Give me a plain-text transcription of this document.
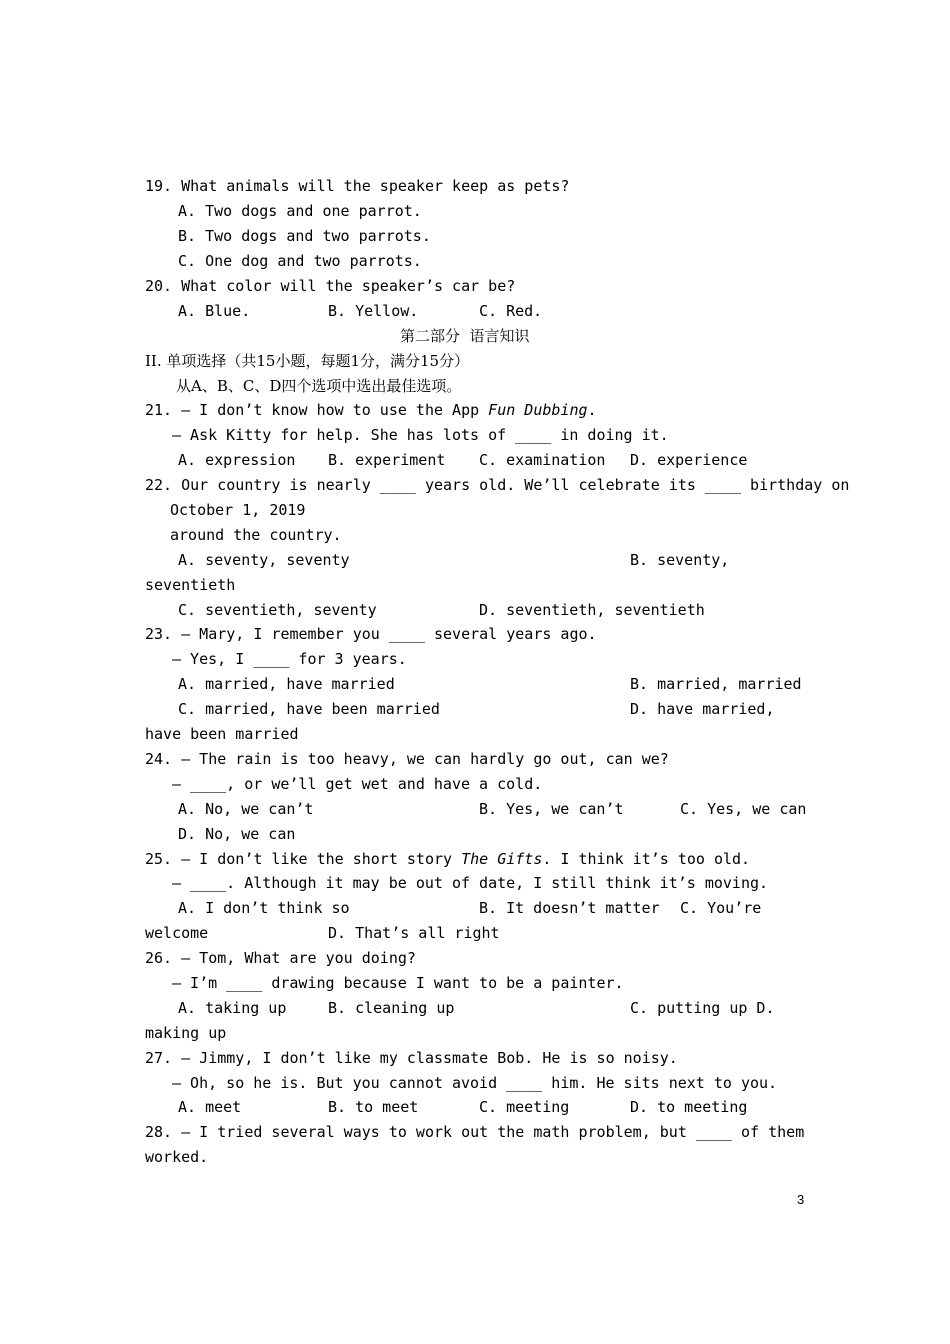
19. What animals will the speaker keep as pets?

A. Two dogs and one parrot.

B. Two dogs and two parrots.

C. One dog and two parrots.

20. What color will the speaker’s car be?

A. Blue.	B. Yellow.	C. Red.

第二部分  语言知识

II. 单项选择（共15小题，每题1分，满分15分）

从A、B、C、D四个选项中选出最佳选项。

21. – I don’t know how to use the App Fun Dubbing.

– Ask Kitty for help. She has lots of ____ in doing it.

A. expression B. experiment C. examination D. experience

22. Our country is nearly ____ years old. We’ll celebrate its ____ birthday on

October 1, 2019

around the country.

A. seventy, seventy	B. seventy,

seventieth

C. seventieth, seventy	D. seventieth, seventieth

23. – Mary, I remember you ____ several years ago.

– Yes, I ____ for 3 years.

A. married, have married	B. married, married

C. married, have been married	D. have married,

have been married

24. – The rain is too heavy, we can hardly go out, can we?

– ____, or we’ll get wet and have a cold.

A. No, we can’t	B. Yes, we can’t	C. Yes, we can

D. No, we can

25. – I don’t like the short story The Gifts. I think it’s too old.

– ____. Although it may be out of date, I still think it’s moving.

A. I don’t think so	B. It doesn’t matter C. You’re

welcome	D. That’s all right

26. – Tom, What are you doing?

– I’m ____ drawing because I want to be a painter.

A. taking up	B. cleaning up	C. putting up D.

making up

27. – Jimmy, I don’t like my classmate Bob. He is so noisy.

– Oh, so he is. But you cannot avoid ____ him. He sits next to you.

A. meet	B. to meet	C. meeting	D. to meeting

28. – I tried several ways to work out the math problem, but ____ of them

worked.

3
